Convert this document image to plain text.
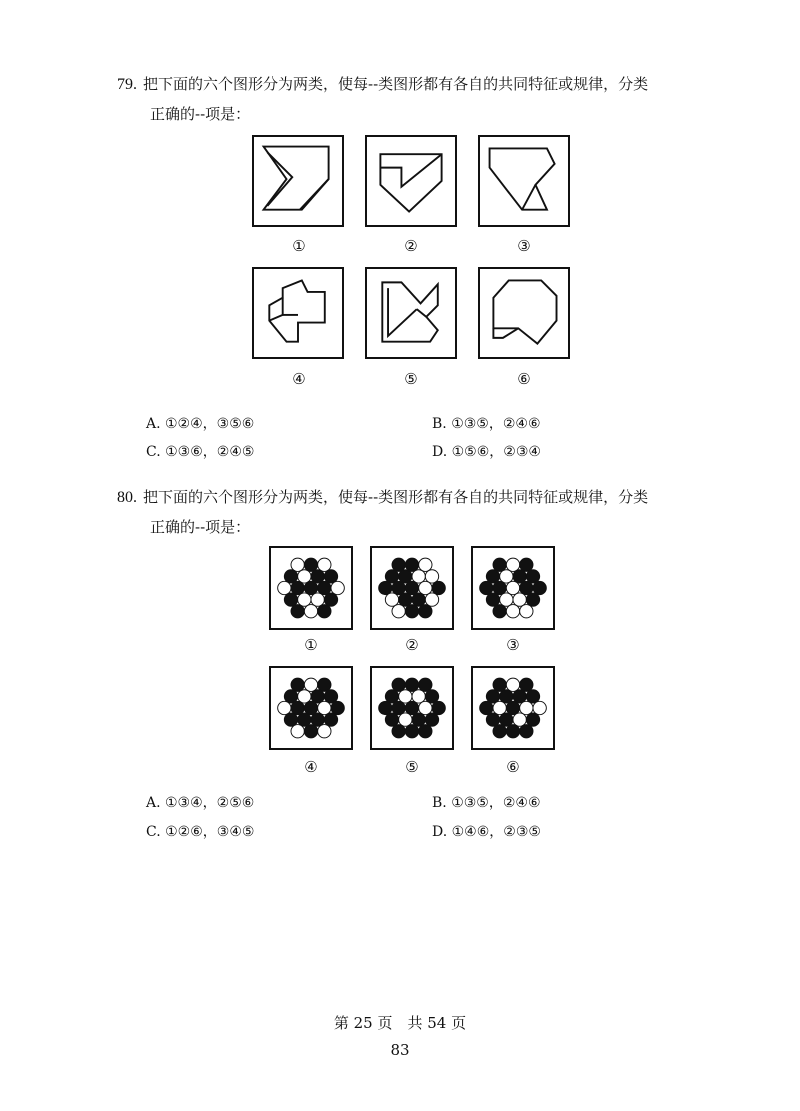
79. 把下面的六个图形分为两类，使每--类图形都有各自的共同特征或规律，分类
正确的--项是：
①	②	③
④	⑤	⑥
A. ①②④，③⑤⑥	B. ①③⑤，②④⑥
C. ①③⑥，②④⑤	D. ①⑤⑥，②③④
80. 把下面的六个图形分为两类，使每--类图形都有各自的共同特征或规律，分类
正确的--项是：
①	②	③
④	⑤	⑥
A. ①③④，②⑤⑥	B. ①③⑤，②④⑥
C. ①②⑥，③④⑤	D. ①④⑥，②③⑤
第 25 页　共 54 页
83
